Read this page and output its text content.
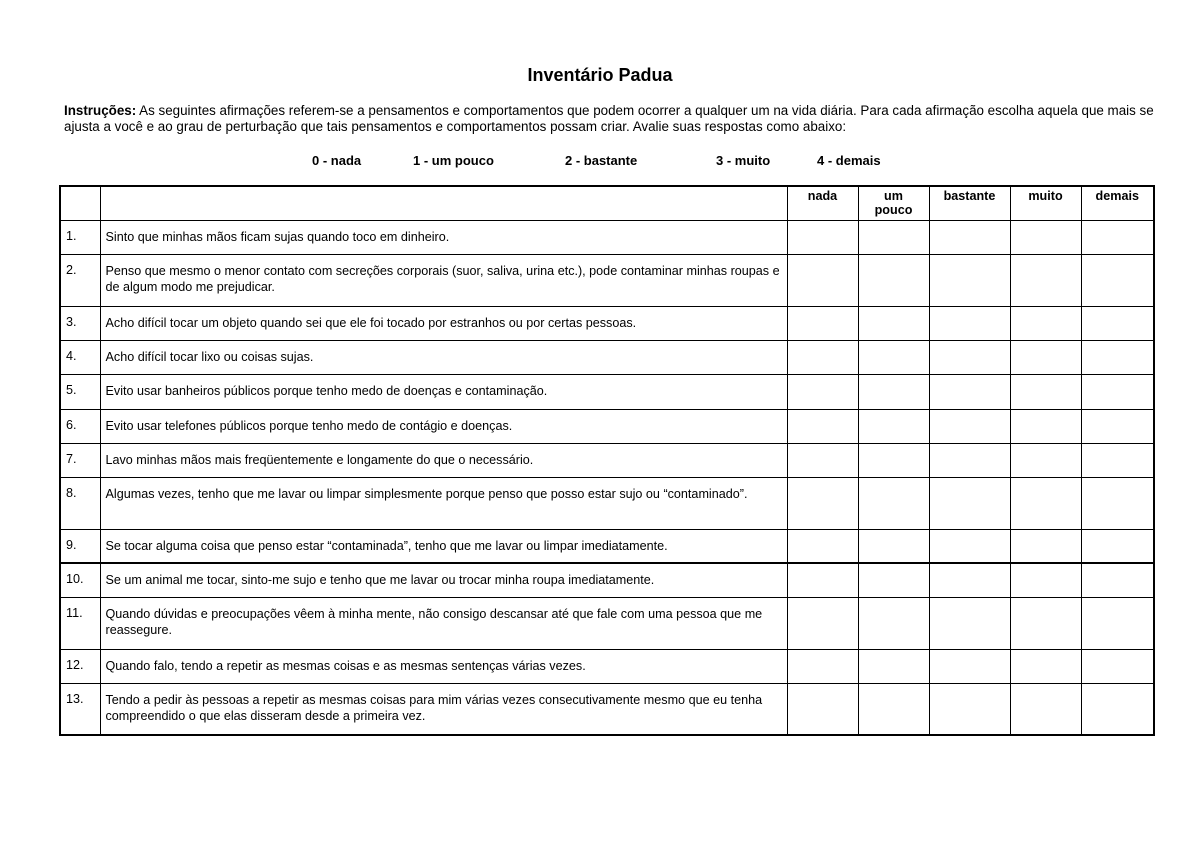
Inventário Padua
Instruções: As seguintes afirmações referem-se a pensamentos e comportamentos que podem ocorrer a qualquer um na vida diária. Para cada afirmação escolha aquela que mais se ajusta a você e ao grau de perturbação que tais pensamentos e comportamentos possam criar. Avalie suas respostas como abaixo:
0 - nada	1 - um pouco	2 - bastante	3 - muito	4 - demais
		nada	um pouco	bastante	muito	demais
1.	Sinto que minhas mãos ficam sujas quando toco em dinheiro.					
2.	Penso que mesmo o menor contato com secreções corporais (suor, saliva, urina etc.), pode contaminar minhas roupas e de algum modo me prejudicar.					
3.	Acho difícil tocar um objeto quando sei que ele foi tocado por estranhos ou por certas pessoas.					
4.	Acho difícil tocar lixo ou coisas sujas.					
5.	Evito usar banheiros públicos porque tenho medo de doenças e contaminação.					
6.	Evito usar telefones públicos porque tenho medo de contágio e doenças.					
7.	Lavo minhas mãos mais freqüentemente e longamente do que o necessário.					
8.	Algumas vezes, tenho que me lavar ou limpar simplesmente porque penso que posso estar sujo ou “contaminado”.					
9.	Se tocar alguma coisa que penso estar “contaminada”, tenho que me lavar ou limpar imediatamente.					
10.	Se um animal me tocar, sinto-me sujo e tenho que me lavar ou trocar minha roupa imediatamente.					
11.	Quando dúvidas e preocupações vêem à minha mente, não consigo descansar até que fale com uma pessoa que me reassegure.					
12.	Quando falo, tendo a repetir as mesmas coisas e as mesmas sentenças várias vezes.					
13.	Tendo a pedir às pessoas a repetir as mesmas coisas para mim várias vezes consecutivamente mesmo que eu tenha compreendido o que elas disseram desde a primeira vez.					
